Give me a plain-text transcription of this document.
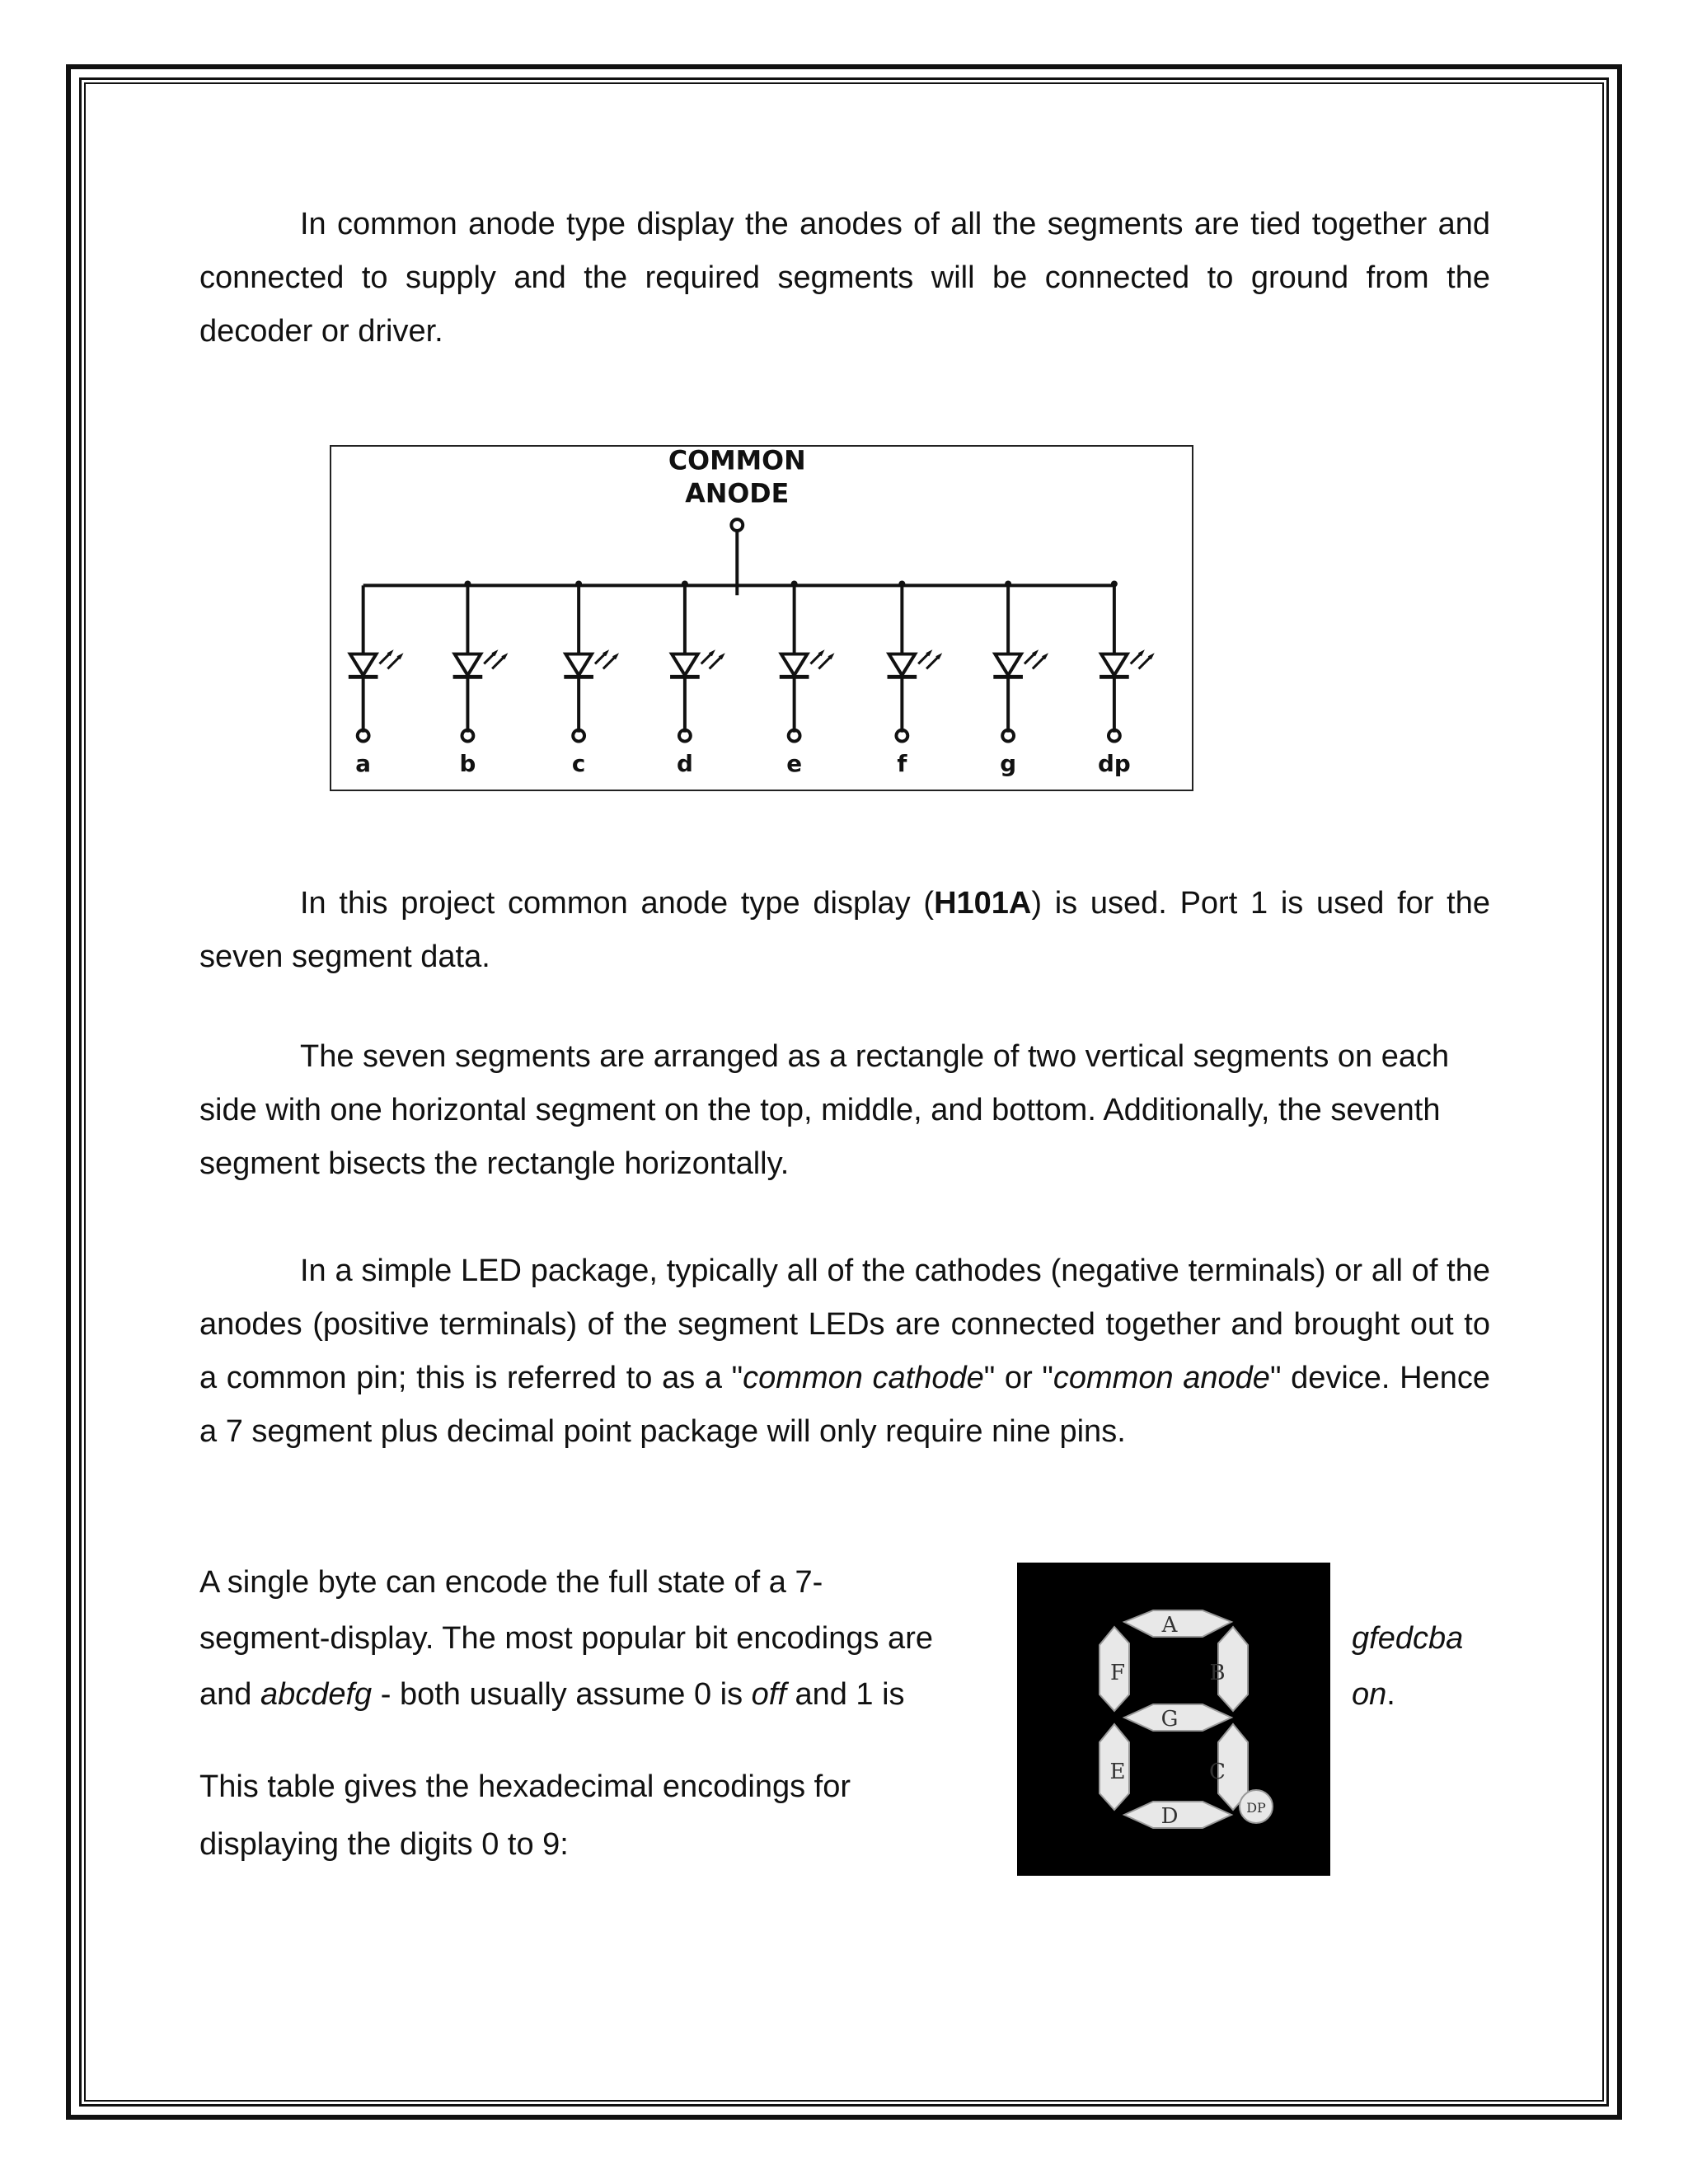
In common anode type display the anodes of all the segments are tied together and connected to supply and the required segments will be connected to ground from the decoder or driver.

COMMON
ANODE
a	b	c	d	e	f	g	dp

In this project common anode type display (H101A) is used. Port 1 is used for the seven segment data.

The seven segments are arranged as a rectangle of two vertical segments on each side with one horizontal segment on the top, middle, and bottom. Additionally, the seventh segment bisects the rectangle horizontally.

In a simple LED package, typically all of the cathodes (negative terminals) or all of the anodes (positive terminals) of the segment LEDs are connected together and brought out to a common pin; this is referred to as a "common cathode" or "common anode" device. Hence a 7 segment plus decimal point package will only require nine pins.

A single byte can encode the full state of a 7-

segment-display. The most popular bit encodings are

and abcdefg - both usually assume 0 is off and 1 is

gfedcba
on.

This table gives the hexadecimal encodings for

displaying the digits 0 to 9:

A
B
C
D
E
F
G
DP
